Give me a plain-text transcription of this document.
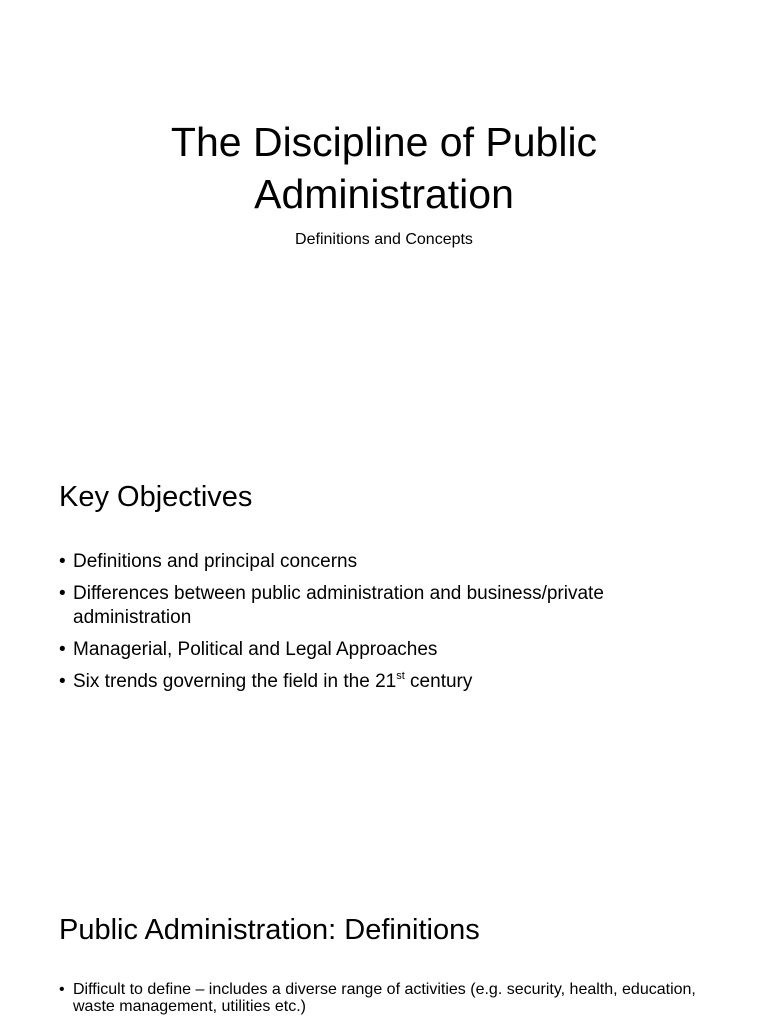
The Discipline of Public
Administration
Definitions and Concepts
Key Objectives
• Definitions and principal concerns
• Differences between public administration and business/private administration
• Managerial, Political and Legal Approaches
• Six trends governing the field in the 21st century
Public Administration: Definitions
• Difficult to define – includes a diverse range of activities (e.g. security, health, education, waste management, utilities etc.)
